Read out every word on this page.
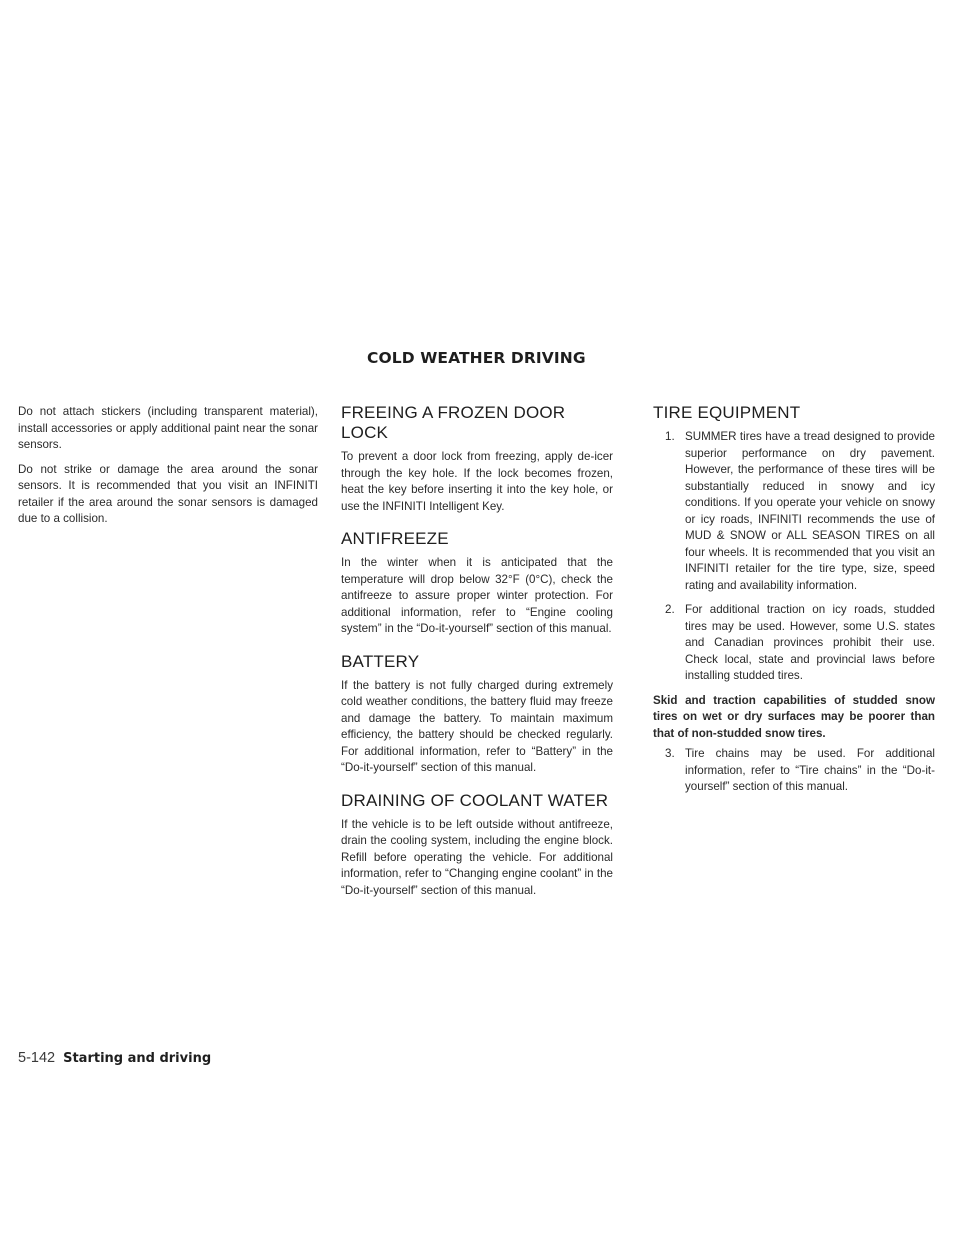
COLD WEATHER DRIVING

Do not attach stickers (including transparent material), install accessories or apply additional paint near the sonar sensors.

Do not strike or damage the area around the sonar sensors. It is recommended that you visit an INFINITI retailer if the area around the sonar sensors is damaged due to a collision.

FREEING A FROZEN DOOR LOCK

To prevent a door lock from freezing, apply de-icer through the key hole. If the lock becomes frozen, heat the key before inserting it into the key hole, or use the INFINITI Intelligent Key.

ANTIFREEZE

In the winter when it is anticipated that the temperature will drop below 32°F (0°C), check the antifreeze to assure proper winter protection. For additional information, refer to “Engine cooling system” in the “Do-it-yourself” section of this manual.

BATTERY

If the battery is not fully charged during extremely cold weather conditions, the battery fluid may freeze and damage the battery. To maintain maximum efficiency, the battery should be checked regularly. For additional information, refer to “Battery” in the “Do-it-yourself” section of this manual.

DRAINING OF COOLANT WATER

If the vehicle is to be left outside without antifreeze, drain the cooling system, including the engine block. Refill before operating the vehicle. For additional information, refer to “Changing engine coolant” in the “Do-it-yourself” section of this manual.

TIRE EQUIPMENT
1. SUMMER tires have a tread designed to provide superior performance on dry pavement. However, the performance of these tires will be substantially reduced in snowy and icy conditions. If you operate your vehicle on snowy or icy roads, INFINITI recommends the use of MUD & SNOW or ALL SEASON TIRES on all four wheels. It is recommended that you visit an INFINITI retailer for the tire type, size, speed rating and availability information.
2. For additional traction on icy roads, studded tires may be used. However, some U.S. states and Canadian provinces prohibit their use. Check local, state and provincial laws before installing studded tires.

Skid and traction capabilities of studded snow tires on wet or dry surfaces may be poorer than that of non-studded snow tires.

3. Tire chains may be used. For additional information, refer to “Tire chains” in the “Do-it-yourself” section of this manual.
5-142 Starting and driving
